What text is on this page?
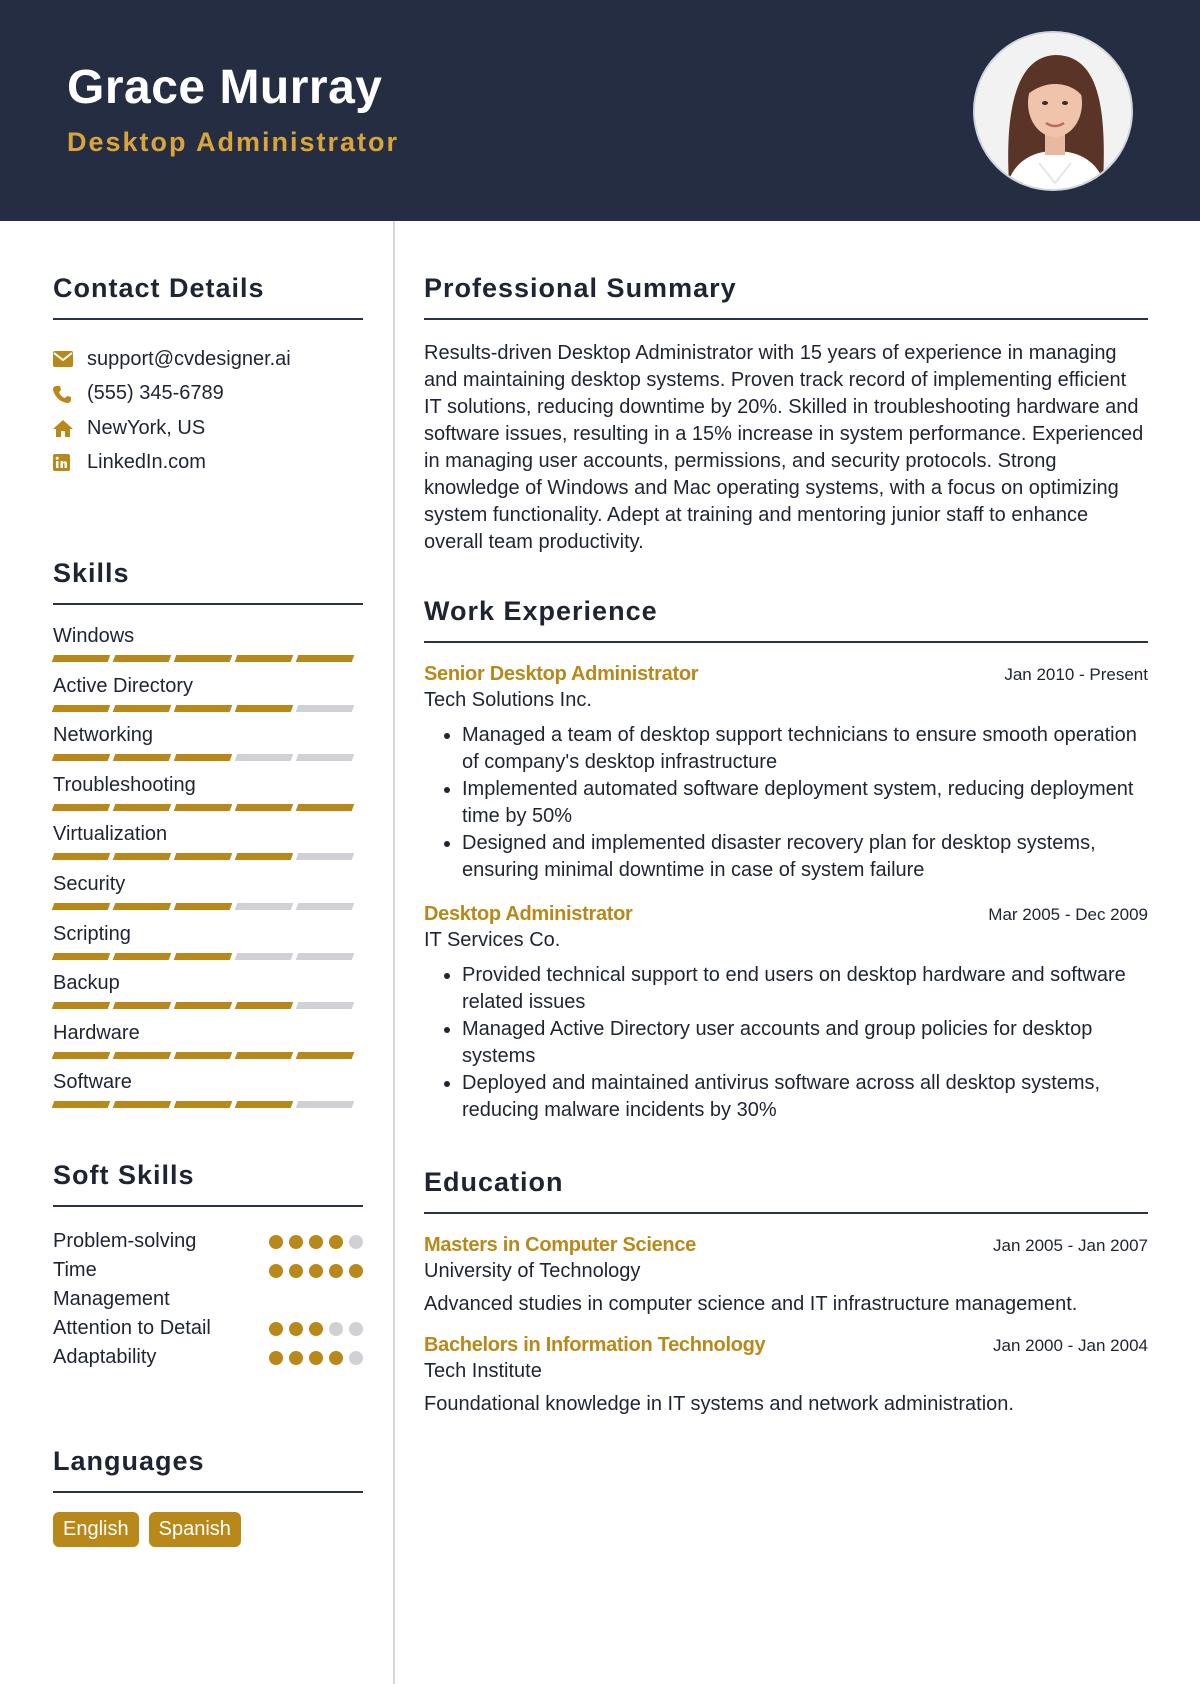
Grace Murray
Desktop Administrator
Contact Details
support@cvdesigner.ai
(555) 345-6789
NewYork, US
LinkedIn.com
Skills
Windows
Active Directory
Networking
Troubleshooting
Virtualization
Security
Scripting
Backup
Hardware
Software
Soft Skills
Problem-solving
Time Management
Attention to Detail
Adaptability
Languages
English	Spanish
Professional Summary

Results-driven Desktop Administrator with 15 years of experience in managing and maintaining desktop systems. Proven track record of implementing efficient IT solutions, reducing downtime by 20%. Skilled in troubleshooting hardware and software issues, resulting in a 15% increase in system performance. Experienced in managing user accounts, permissions, and security protocols. Strong knowledge of Windows and Mac operating systems, with a focus on optimizing system functionality. Adept at training and mentoring junior staff to enhance overall team productivity.

Work Experience
Senior Desktop Administrator	Jan 2010 - Present
Tech Solutions Inc.
• Managed a team of desktop support technicians to ensure smooth operation of company's desktop infrastructure
• Implemented automated software deployment system, reducing deployment time by 50%
• Designed and implemented disaster recovery plan for desktop systems, ensuring minimal downtime in case of system failure
Desktop Administrator	Mar 2005 - Dec 2009
IT Services Co.
• Provided technical support to end users on desktop hardware and software related issues
• Managed Active Directory user accounts and group policies for desktop systems
• Deployed and maintained antivirus software across all desktop systems, reducing malware incidents by 30%
Education
Masters in Computer Science	Jan 2005 - Jan 2007
University of Technology
Advanced studies in computer science and IT infrastructure management.
Bachelors in Information Technology	Jan 2000 - Jan 2004
Tech Institute
Foundational knowledge in IT systems and network administration.
